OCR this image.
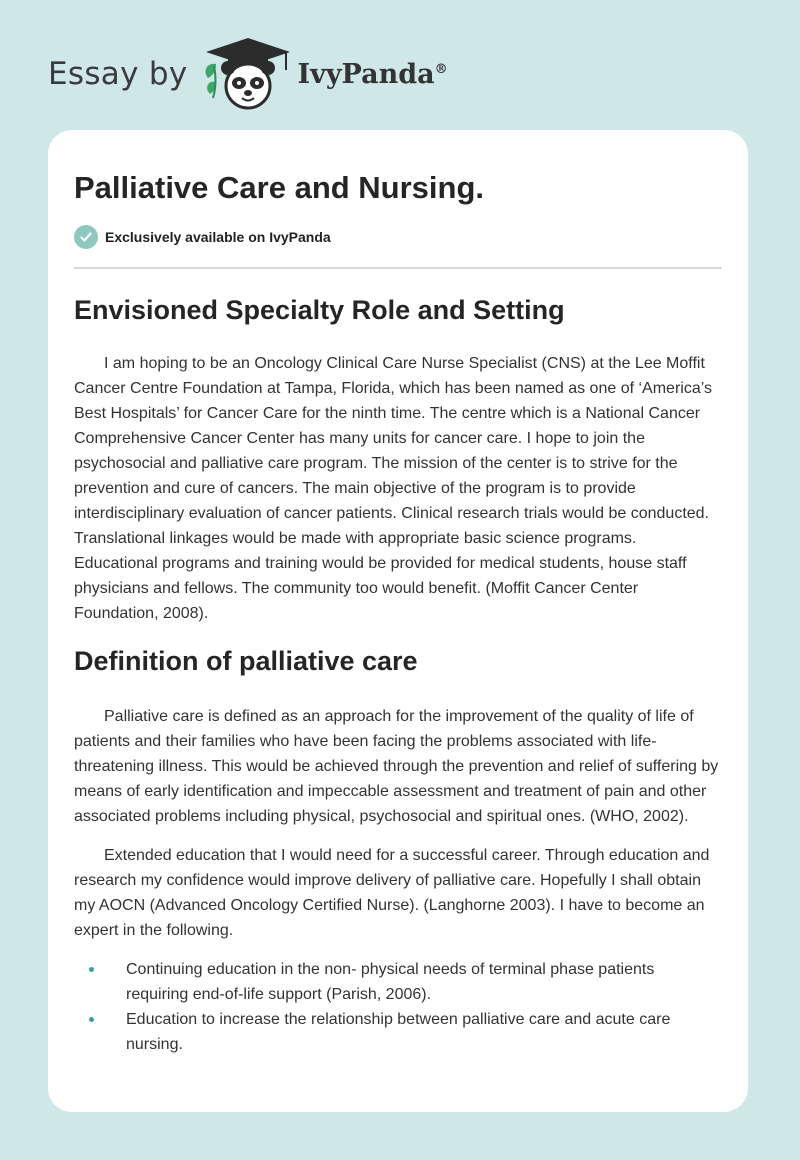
Essay by	IvyPanda®
Palliative Care and Nursing.
Exclusively available on IvyPanda
Envisioned Specialty Role and Setting

I am hoping to be an Oncology Clinical Care Nurse Specialist (CNS) at the Lee Moffit Cancer Centre Foundation at Tampa, Florida, which has been named as one of ‘America’s Best Hospitals’ for Cancer Care for the ninth time. The centre which is a National Cancer Comprehensive Cancer Center has many units for cancer care. I hope to join the psychosocial and palliative care program. The mission of the center is to strive for the prevention and cure of cancers. The main objective of the program is to provide interdisciplinary evaluation of cancer patients. Clinical research trials would be conducted. Translational linkages would be made with appropriate basic science programs. Educational programs and training would be provided for medical students, house staff physicians and fellows. The community too would benefit. (Moffit Cancer Center Foundation, 2008).

Definition of palliative care

Palliative care is defined as an approach for the improvement of the quality of life of patients and their families who have been facing the problems associated with life-threatening illness. This would be achieved through the prevention and relief of suffering by means of early identification and impeccable assessment and treatment of pain and other associated problems including physical, psychosocial and spiritual ones. (WHO, 2002).

Extended education that I would need for a successful career. Through education and research my confidence would improve delivery of palliative care. Hopefully I shall obtain my AOCN (Advanced Oncology Certified Nurse). (Langhorne 2003). I have to become an expert in the following.

Continuing education in the non- physical needs of terminal phase patients requiring end-of-life support (Parish, 2006).
Education to increase the relationship between palliative care and acute care nursing.
